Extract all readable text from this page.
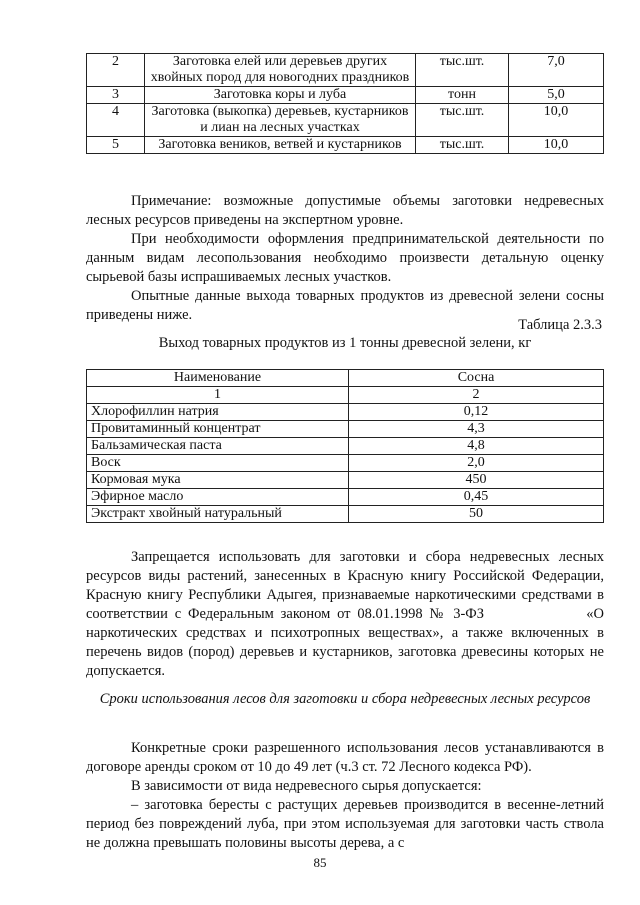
2	Заготовка елей или деревьев других хвойных пород для новогодних праздников	тыс.шт.	7,0
3	Заготовка коры и луба	тонн	5,0
4	Заготовка (выкопка) деревьев, кустарников и лиан на лесных участках	тыс.шт.	10,0
5	Заготовка веников, ветвей и кустарников	тыс.шт.	10,0

Примечание: возможные допустимые объемы заготовки недревесных лесных ресурсов приведены на экспертном уровне.

При необходимости оформления предпринимательской деятельности по данным видам лесопользования необходимо произвести детальную оценку сырьевой базы испрашиваемых лесных участков.

Опытные данные выхода товарных продуктов из древесной зелени сосны приведены ниже.

Таблица 2.3.3
Выход товарных продуктов из 1 тонны древесной зелени, кг
Наименование	Сосна
1	2
Хлорофиллин натрия	0,12
Провитаминный концентрат	4,3
Бальзамическая паста	4,8
Воск	2,0
Кормовая мука	450
Эфирное масло	0,45
Экстракт хвойный натуральный	50

Запрещается использовать для заготовки и сбора недревесных лесных ресурсов виды растений, занесенных в Красную книгу Российской Федерации, Красную книгу Республики Адыгея, признаваемые наркотическими средствами в соответствии с Федеральным законом от 08.01.1998 № 3-ФЗ               «О наркотических средствах и психотропных веществах», а также включенных в перечень видов (пород) деревьев и кустарников, заготовка древесины которых не допускается.

Сроки использования лесов для заготовки и сбора недревесных лесных ресурсов

Конкретные сроки разрешенного использования лесов устанавливаются в договоре аренды сроком от 10 до 49 лет (ч.3 ст. 72 Лесного кодекса РФ).

В зависимости от вида недревесного сырья допускается:

– заготовка бересты с растущих деревьев производится в весенне-летний период без повреждений луба, при этом используемая для заготовки часть ствола не должна превышать половины высоты дерева, а с

85
